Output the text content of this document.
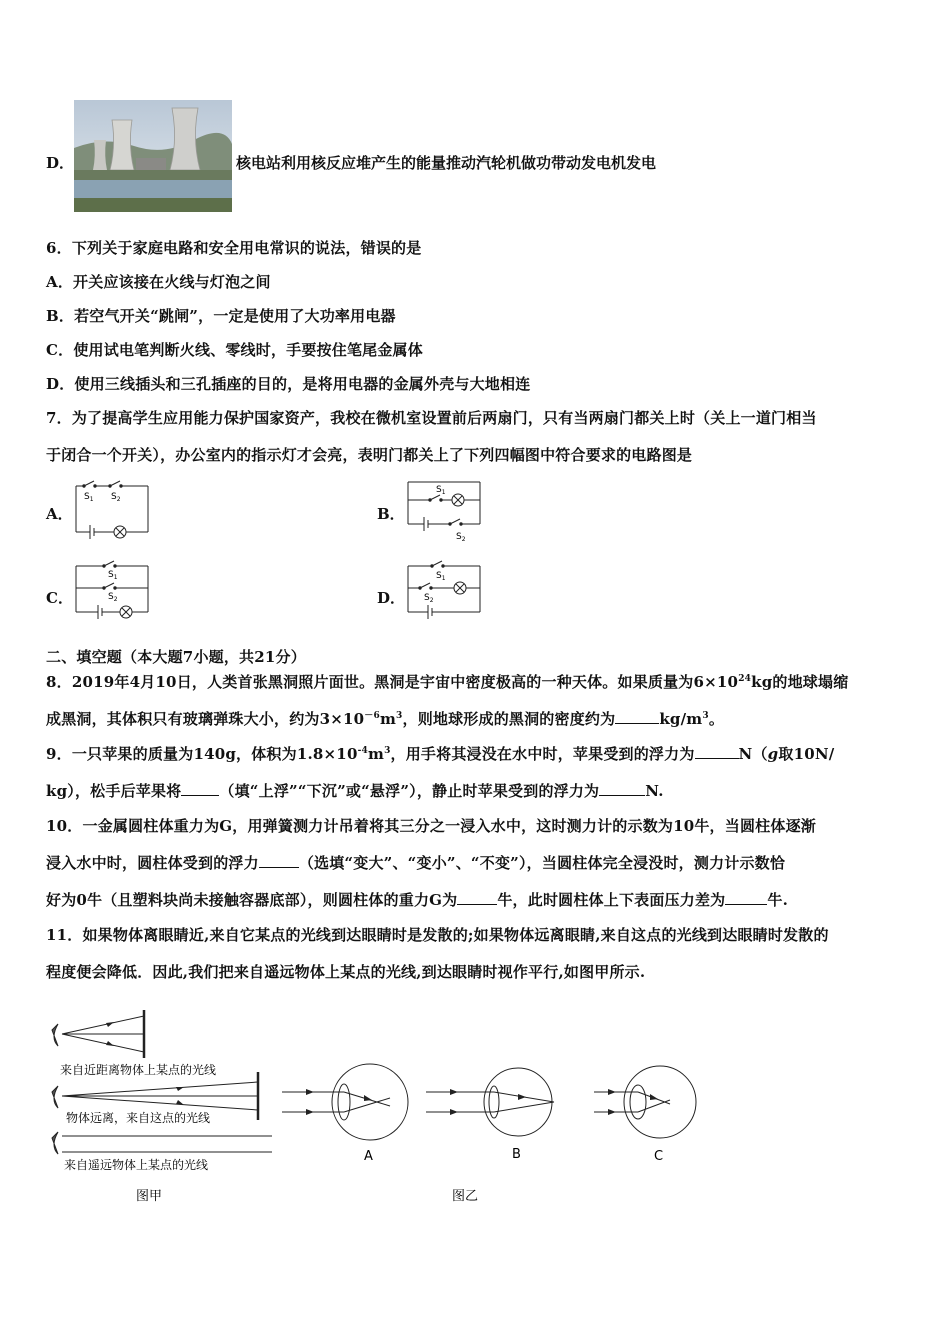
D．	核电站利用核反应堆产生的能量推动汽轮机做功带动发电机发电
6．下列关于家庭电路和安全用电常识的说法，错误的是
A．开关应该接在火线与灯泡之间
B．若空气开关“跳闸”，一定是使用了大功率用电器
C．使用试电笔判断火线、零线时，手要按住笔尾金属体
D．使用三线插头和三孔插座的目的，是将用电器的金属外壳与大地相连
7．为了提高学生应用能力保护国家资产，我校在微机室设置前后两扇门，只有当两扇门都关上时（关上一道门相当
于闭合一个开关），办公室内的指示灯才会亮，表明门都关上了下列四幅图中符合要求的电路图是
A．	B．
C．	D．
$S_1$ $S_2$
$S_1$
$S_2$
$S_1$
$S_2$
$S_1$
$S_2$
二、填空题（本大题7小题，共21分）
8．2019年4月10日，人类首张黑洞照片面世。黑洞是宇宙中密度极高的一种天体。如果质量为$6\times 10^{24}kg$的地球塌缩
成黑洞，其体积只有玻璃弹珠大小，约为$3\times 10^{-6}m^3$，则地球形成的黑洞的密度约为	$kg/m^3$。
9．一只苹果的质量为140g，体积为$1.8\times 10^{-4}m^3$，用手将其浸没在水中时，苹果受到的浮力为	N（g取10N/
kg），松手后苹果将	（填“上浮”“下沉”或“悬浮”），静止时苹果受到的浮力为	N.
10．一金属圆柱体重力为G，用弹簧测力计吊着将其三分之一浸入水中，这时测力计的示数为10牛，当圆柱体逐渐
浸入水中时，圆柱体受到的浮力	（选填“变大”、“变小”、“不变”），当圆柱体完全浸没时，测力计示数恰
好为0牛（且塑料块尚未接触容器底部），则圆柱体的重力G为	牛，此时圆柱体上下表面压力差为	牛.
11．如果物体离眼睛近,来自它某点的光线到达眼睛时是发散的;如果物体远离眼睛,来自这点的光线到达眼睛时发散的
程度便会降低．因此,我们把来自遥远物体上某点的光线,到达眼睛时视作平行,如图甲所示.
来自近距离物体上某点的光线
物体远离，来自这点的光线
来自遥远物体上某点的光线
图甲
A	B	C
图乙
